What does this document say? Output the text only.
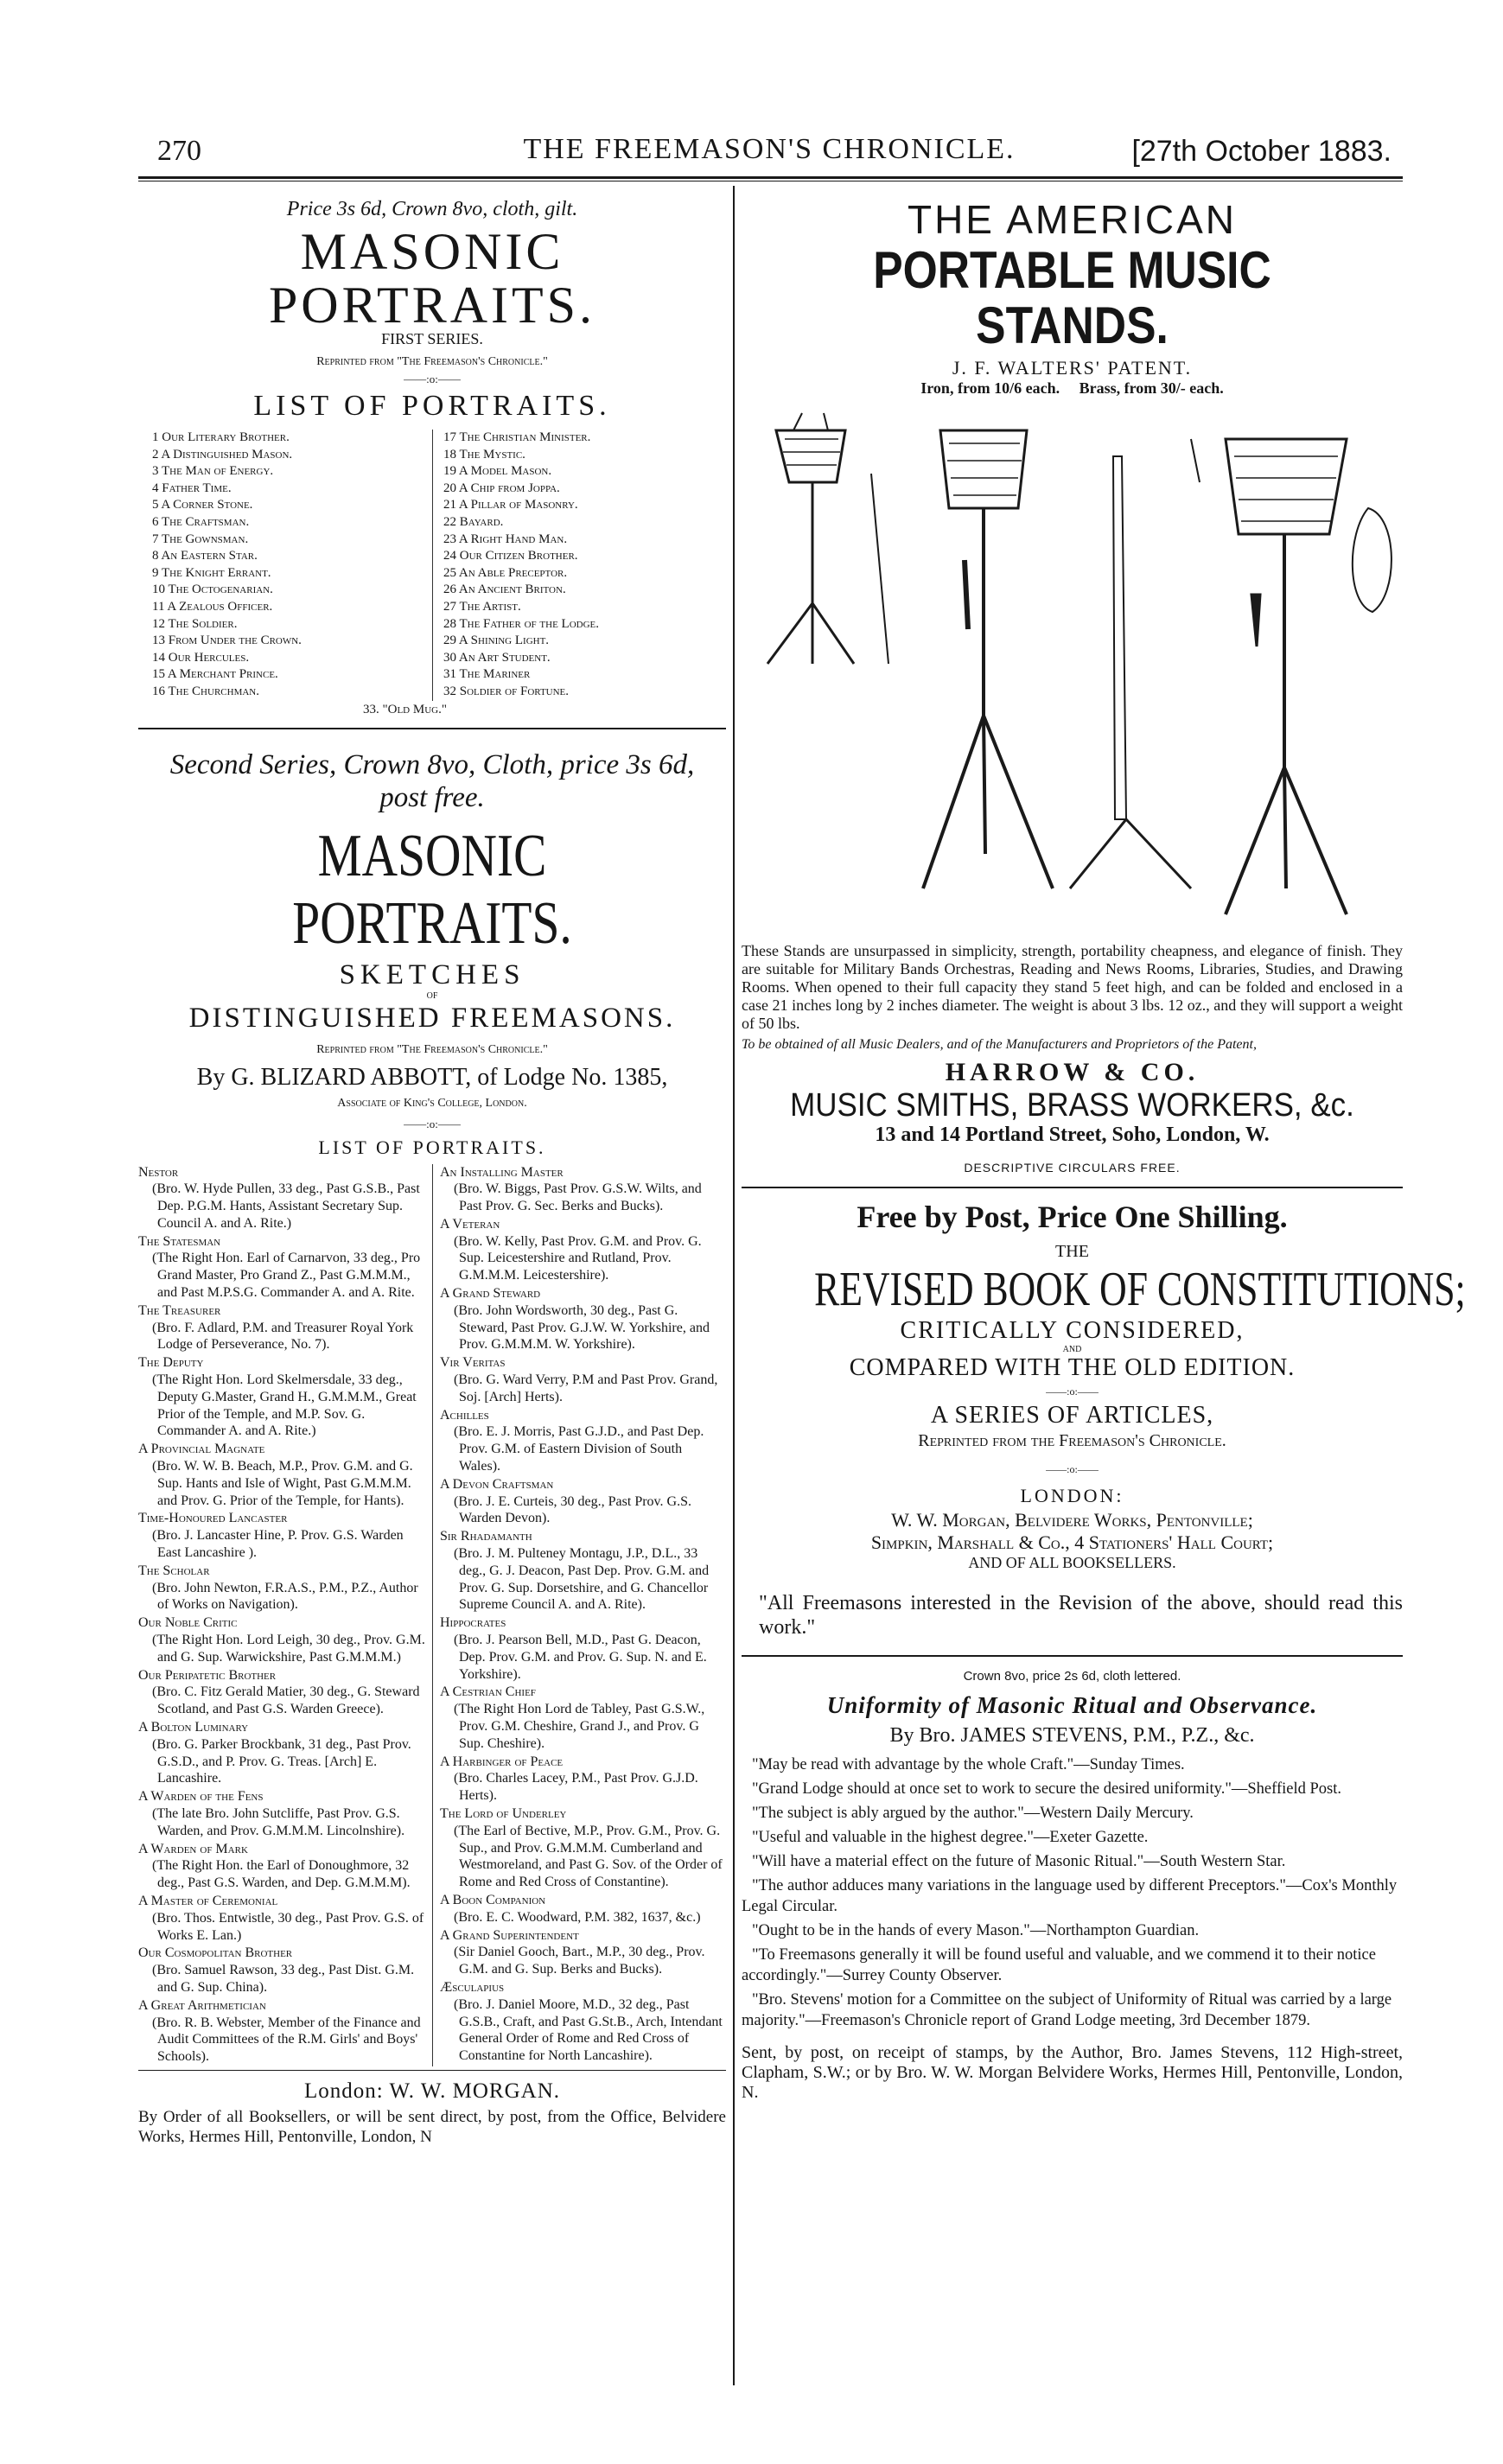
270	THE FREEMASON'S CHRONICLE.	[27th October 1883.
Price 3s 6d, Crown 8vo, cloth, gilt.
MASONIC PORTRAITS.
FIRST SERIES.
Reprinted from "The Freemason's Chronicle."
——:o:——
LIST OF PORTRAITS.
1 Our Literary Brother.
2 A Distinguished Mason.
3 The Man of Energy.
4 Father Time.
5 A Corner Stone.
6 The Craftsman.
7 The Gownsman.
8 An Eastern Star.
9 The Knight Errant.
10 The Octogenarian.
11 A Zealous Officer.
12 The Soldier.
13 From Under the Crown.
14 Our Hercules.
15 A Merchant Prince.
16 The Churchman.
17 The Christian Minister.
18 The Mystic.
19 A Model Mason.
20 A Chip from Joppa.
21 A Pillar of Masonry.
22 Bayard.
23 A Right Hand Man.
24 Our Citizen Brother.
25 An Able Preceptor.
26 An Ancient Briton.
27 The Artist.
28 The Father of the Lodge.
29 A Shining Light.
30 An Art Student.
31 The Mariner
32 Soldier of Fortune.
33. "Old Mug."
Second Series, Crown 8vo, Cloth, price 3s 6d,
post free.
MASONIC PORTRAITS.
SKETCHES
OF
DISTINGUISHED FREEMASONS.
Reprinted from "The Freemason's Chronicle."
By G. BLIZARD ABBOTT, of Lodge No. 1385,
Associate of King's College, London.
——:o:——
LIST OF PORTRAITS.
Nestor
(Bro. W. Hyde Pullen, 33 deg., Past G.S.B., Past Dep. P.G.M. Hants, Assistant Secretary Sup. Council A. and A. Rite.)
The Statesman
(The Right Hon. Earl of Carnarvon, 33 deg., Pro Grand Master, Pro Grand Z., Past G.M.M.M., and Past M.P.S.G. Commander A. and A. Rite.
The Treasurer
(Bro. F. Adlard, P.M. and Treasurer Royal York Lodge of Perseverance, No. 7).
The Deputy
(The Right Hon. Lord Skelmersdale, 33 deg., Deputy G.Master, Grand H., G.M.M.M., Great Prior of the Temple, and M.P. Sov. G. Commander A. and A. Rite.)
A Provincial Magnate
(Bro. W. W. B. Beach, M.P., Prov. G.M. and G. Sup. Hants and Isle of Wight, Past G.M.M.M. and Prov. G. Prior of the Temple, for Hants).
Time-Honoured Lancaster
(Bro. J. Lancaster Hine, P. Prov. G.S. Warden East Lancashire ).
The Scholar
(Bro. John Newton, F.R.A.S., P.M., P.Z., Author of Works on Navigation).
Our Noble Critic
(The Right Hon. Lord Leigh, 30 deg., Prov. G.M. and G. Sup. Warwickshire, Past G.M.M.M.)
Our Peripatetic Brother
(Bro. C. Fitz Gerald Matier, 30 deg., G. Steward Scotland, and Past G.S. Warden Greece).
A Bolton Luminary
(Bro. G. Parker Brockbank, 31 deg., Past Prov. G.S.D., and P. Prov. G. Treas. [Arch] E. Lancashire.
A Warden of the Fens
(The late Bro. John Sutcliffe, Past Prov. G.S. Warden, and Prov. G.M.M.M. Lincolnshire).
A Warden of Mark
(The Right Hon. the Earl of Donoughmore, 32 deg., Past G.S. Warden, and Dep. G.M.M.M).
A Master of Ceremonial
(Bro. Thos. Entwistle, 30 deg., Past Prov. G.S. of Works E. Lan.)
Our Cosmopolitan Brother
(Bro. Samuel Rawson, 33 deg., Past Dist. G.M. and G. Sup. China).
A Great Arithmetician
(Bro. R. B. Webster, Member of the Finance and Audit Committees of the R.M. Girls' and Boys' Schools).
An Installing Master
(Bro. W. Biggs, Past Prov. G.S.W. Wilts, and Past Prov. G. Sec. Berks and Bucks).
A Veteran
(Bro. W. Kelly, Past Prov. G.M. and Prov. G. Sup. Leicestershire and Rutland, Prov. G.M.M.M. Leicestershire).
A Grand Steward
(Bro. John Wordsworth, 30 deg., Past G. Steward, Past Prov. G.J.W. W. Yorkshire, and Prov. G.M.M.M. W. Yorkshire).
Vir Veritas
(Bro. G. Ward Verry, P.M and Past Prov. Grand, Soj. [Arch] Herts).
Achilles
(Bro. E. J. Morris, Past G.J.D., and Past Dep. Prov. G.M. of Eastern Division of South Wales).
A Devon Craftsman
(Bro. J. E. Curteis, 30 deg., Past Prov. G.S. Warden Devon).
Sir Rhadamanth
(Bro. J. M. Pulteney Montagu, J.P., D.L., 33 deg., G. J. Deacon, Past Dep. Prov. G.M. and Prov. G. Sup. Dorsetshire, and G. Chancellor Supreme Council A. and A. Rite).
Hippocrates
(Bro. J. Pearson Bell, M.D., Past G. Deacon, Dep. Prov. G.M. and Prov. G. Sup. N. and E. Yorkshire).
A Cestrian Chief
(The Right Hon Lord de Tabley, Past G.S.W., Prov. G.M. Cheshire, Grand J., and Prov. G Sup. Cheshire).
A Harbinger of Peace
(Bro. Charles Lacey, P.M., Past Prov. G.J.D. Herts).
The Lord of Underley
(The Earl of Bective, M.P., Prov. G.M., Prov. G. Sup., and Prov. G.M.M.M. Cumberland and Westmoreland, and Past G. Sov. of the Order of Rome and Red Cross of Constantine).
A Boon Companion
(Bro. E. C. Woodward, P.M. 382, 1637, &c.)
A Grand Superintendent
(Sir Daniel Gooch, Bart., M.P., 30 deg., Prov. G.M. and G. Sup. Berks and Bucks).
Æsculapius
(Bro. J. Daniel Moore, M.D., 32 deg., Past G.S.B., Craft, and Past G.St.B., Arch, Intendant General Order of Rome and Red Cross of Constantine for North Lancashire).
London: W. W. MORGAN.
By Order of all Booksellers, or will be sent direct, by post, from the Office, Belvidere Works, Hermes Hill, Pentonville, London, N
THE AMERICAN
PORTABLE MUSIC STANDS.
J. F. WALTERS' PATENT.
Iron, from 10/6 each.     Brass, from 30/- each.
These Stands are unsurpassed in simplicity, strength, portability cheapness, and elegance of finish. They are suitable for Military Bands Orchestras, Reading and News Rooms, Libraries, Studies, and Drawing Rooms. When opened to their full capacity they stand 5 feet high, and can be folded and enclosed in a case 21 inches long by 2 inches diameter. The weight is about 3 lbs. 12 oz., and they will support a weight of 50 lbs.
To be obtained of all Music Dealers, and of the Manufacturers and Proprietors of the Patent,
HARROW & CO.
MUSIC SMITHS, BRASS WORKERS, &c.
13 and 14 Portland Street, Soho, London, W.
DESCRIPTIVE CIRCULARS FREE.
Free by Post, Price One Shilling.
THE
REVISED BOOK OF CONSTITUTIONS;
CRITICALLY CONSIDERED,
AND
COMPARED WITH THE OLD EDITION.
——:o:——
A SERIES OF ARTICLES,
Reprinted from the Freemason's Chronicle.
——:o:——
LONDON:
W. W. Morgan, Belvidere Works, Pentonville;
Simpkin, Marshall & Co., 4 Stationers' Hall Court;
AND OF ALL BOOKSELLERS.
"All Freemasons interested in the Revision of the above, should read this work."
Crown 8vo, price 2s 6d, cloth lettered.
Uniformity of Masonic Ritual and Observance.
By Bro. JAMES STEVENS, P.M., P.Z., &c.
"May be read with advantage by the whole Craft."—Sunday Times.
"Grand Lodge should at once set to work to secure the desired uniformity."—Sheffield Post.
"The subject is ably argued by the author."—Western Daily Mercury.
"Useful and valuable in the highest degree."—Exeter Gazette.
"Will have a material effect on the future of Masonic Ritual."—South Western Star.
"The author adduces many variations in the language used by different Preceptors."—Cox's Monthly Legal Circular.
"Ought to be in the hands of every Mason."—Northampton Guardian.
"To Freemasons generally it will be found useful and valuable, and we commend it to their notice accordingly."—Surrey County Observer.
"Bro. Stevens' motion for a Committee on the subject of Uniformity of Ritual was carried by a large majority."—Freemason's Chronicle report of Grand Lodge meeting, 3rd December 1879.
Sent, by post, on receipt of stamps, by the Author, Bro. James Stevens, 112 High-street, Clapham, S.W.; or by Bro. W. W. Morgan Belvidere Works, Hermes Hill, Pentonville, London, N.
